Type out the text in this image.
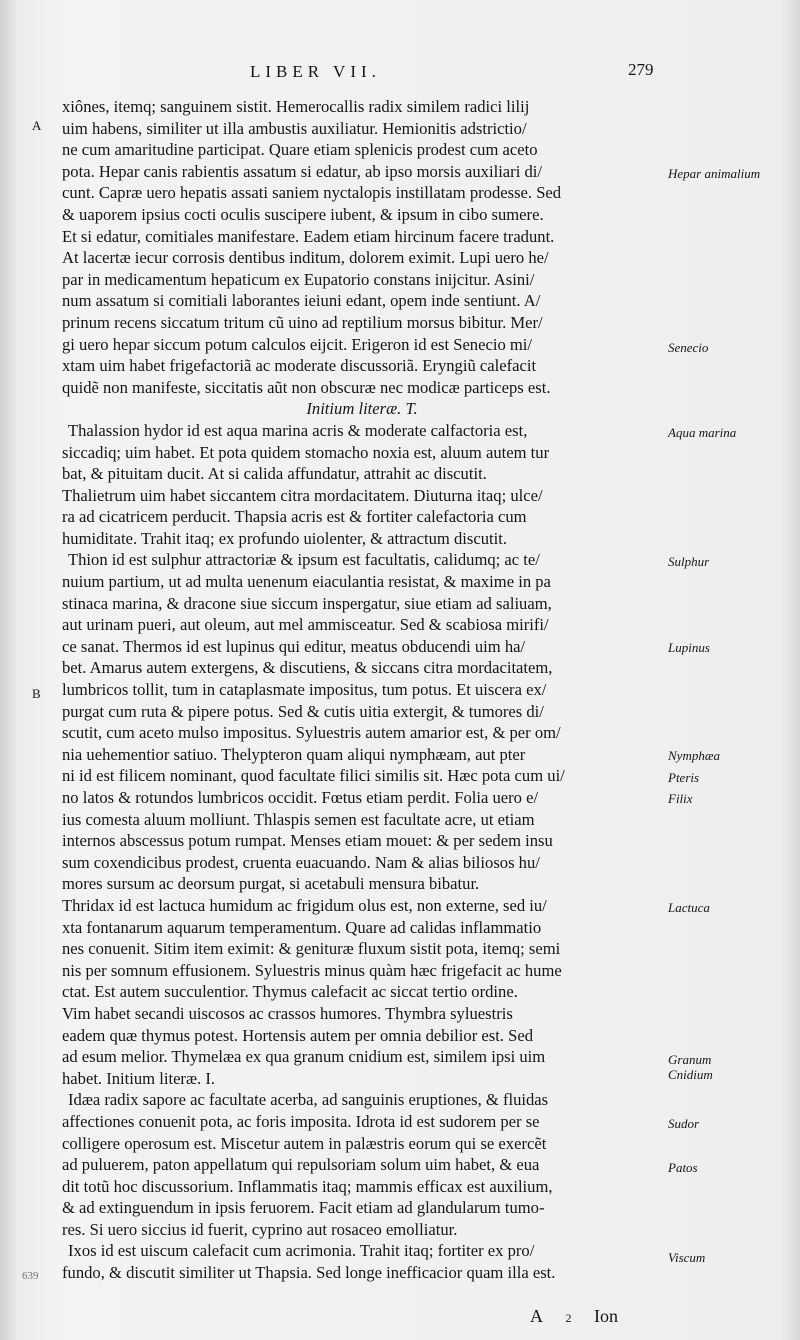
LIBER VII.	279
xiônes, itemq; sanguinem sistit. Hemerocallis radix similem radici lilij
uim habens, similiter ut illa ambustis auxiliatur. Hemionitis adstrictio/
ne cum amaritudine participat. Quare etiam splenicis prodest cum aceto
pota. Hepar canis rabientis assatum si edatur, ab ipso morsis auxiliari di/
cunt. Capræ uero hepatis assati saniem nyctalopis instillatam prodesse. Sed
& uaporem ipsius cocti oculis suscipere iubent, & ipsum in cibo sumere.
Et si edatur, comitiales manifestare. Eadem etiam hircinum facere tradunt.
At lacertæ iecur corrosis dentibus inditum, dolorem eximit. Lupi uero he/
par in medicamentum hepaticum ex Eupatorio constans inijcitur. Asini/
num assatum si comitiali laborantes ieiuni edant, opem inde sentiunt. A/
prinum recens siccatum tritum cũ uino ad reptilium morsus bibitur. Mer/
gi uero hepar siccum potum calculos eijcit. Erigeron id est Senecio mi/
xtam uim habet frigefactoriã ac moderate discussoriã. Eryngiũ calefacit
quidẽ non manifeste, siccitatis aũt non obscuræ nec modicæ particeps est.
Initium literæ. T.
Thalassion hydor id est aqua marina acris & moderate calfactoria est,
siccadiq; uim habet. Et pota quidem stomacho noxia est, aluum autem tur
bat, & pituitam ducit. At si calida affundatur, attrahit ac discutit.
Thalietrum uim habet siccantem citra mordacitatem. Diuturna itaq; ulce/
ra ad cicatricem perducit. Thapsia acris est & fortiter calefactoria cum
humiditate. Trahit itaq; ex profundo uiolenter, & attractum discutit.
Thion id est sulphur attractoriæ & ipsum est facultatis, calidumq; ac te/
nuium partium, ut ad multa uenenum eiaculantia resistat, & maxime in pa
stinaca marina, & dracone siue siccum inspergatur, siue etiam ad saliuam,
aut urinam pueri, aut oleum, aut mel ammisceatur. Sed & scabiosa mirifi/
ce sanat. Thermos id est lupinus qui editur, meatus obducendi uim ha/
bet. Amarus autem extergens, & discutiens, & siccans citra mordacitatem,
lumbricos tollit, tum in cataplasmate impositus, tum potus. Et uiscera ex/
purgat cum ruta & pipere potus. Sed & cutis uitia extergit, & tumores di/
scutit, cum aceto mulso impositus. Syluestris autem amarior est, & per om/
nia uehementior satiuo. Thelypteron quam aliqui nymphæam, aut pter
ni id est filicem nominant, quod facultate filici similis sit. Hæc pota cum ui/
no latos & rotundos lumbricos occidit. Fœtus etiam perdit. Folia uero e/
ius comesta aluum molliunt. Thlaspis semen est facultate acre, ut etiam
internos abscessus potum rumpat. Menses etiam mouet: & per sedem insu
sum coxendicibus prodest, cruenta euacuando. Nam & alias biliosos hu/
mores sursum ac deorsum purgat, si acetabuli mensura bibatur.
Thridax id est lactuca humidum ac frigidum olus est, non externe, sed iu/
xta fontanarum aquarum temperamentum. Quare ad calidas inflammatio
nes conuenit. Sitim item eximit: & genituræ fluxum sistit pota, itemq; semi
nis per somnum effusionem. Syluestris minus quàm hæc frigefacit ac hume
ctat. Est autem succulentior. Thymus calefacit ac siccat tertio ordine.
Vim habet secandi uiscosos ac crassos humores. Thymbra syluestris
eadem quæ thymus potest. Hortensis autem per omnia debilior est. Sed
ad esum melior. Thymelæa ex qua granum cnidium est, similem ipsi uim
habet. Initium literæ. I.
Idæa radix sapore ac facultate acerba, ad sanguinis eruptiones, & fluidas
affectiones conuenit pota, ac foris imposita. Idrota id est sudorem per se
colligere operosum est. Miscetur autem in palæstris eorum qui se exercẽt
ad puluerem, paton appellatum qui repulsoriam solum uim habet, & eua
dit totũ hoc discussorium. Inflammatis itaq; mammis efficax est auxilium,
& ad extinguendum in ipsis feruorem. Facit etiam ad glandularum tumo-
res. Si uero siccius id fuerit, cyprino aut rosaceo emolliatur.
Ixos id est uiscum calefacit cum acrimonia. Trahit itaq; fortiter ex pro/
fundo, & discutit similiter ut Thapsia. Sed longe inefficacior quam illa est.
Hepar animalium
Senecio
Aqua marina
Sulphur
Lupinus
Nymphæa
Pteris
Filix
Lactuca
Granum Cnidium
Sudor
Patos
Viscum
A
B
639
A 2 Ion
